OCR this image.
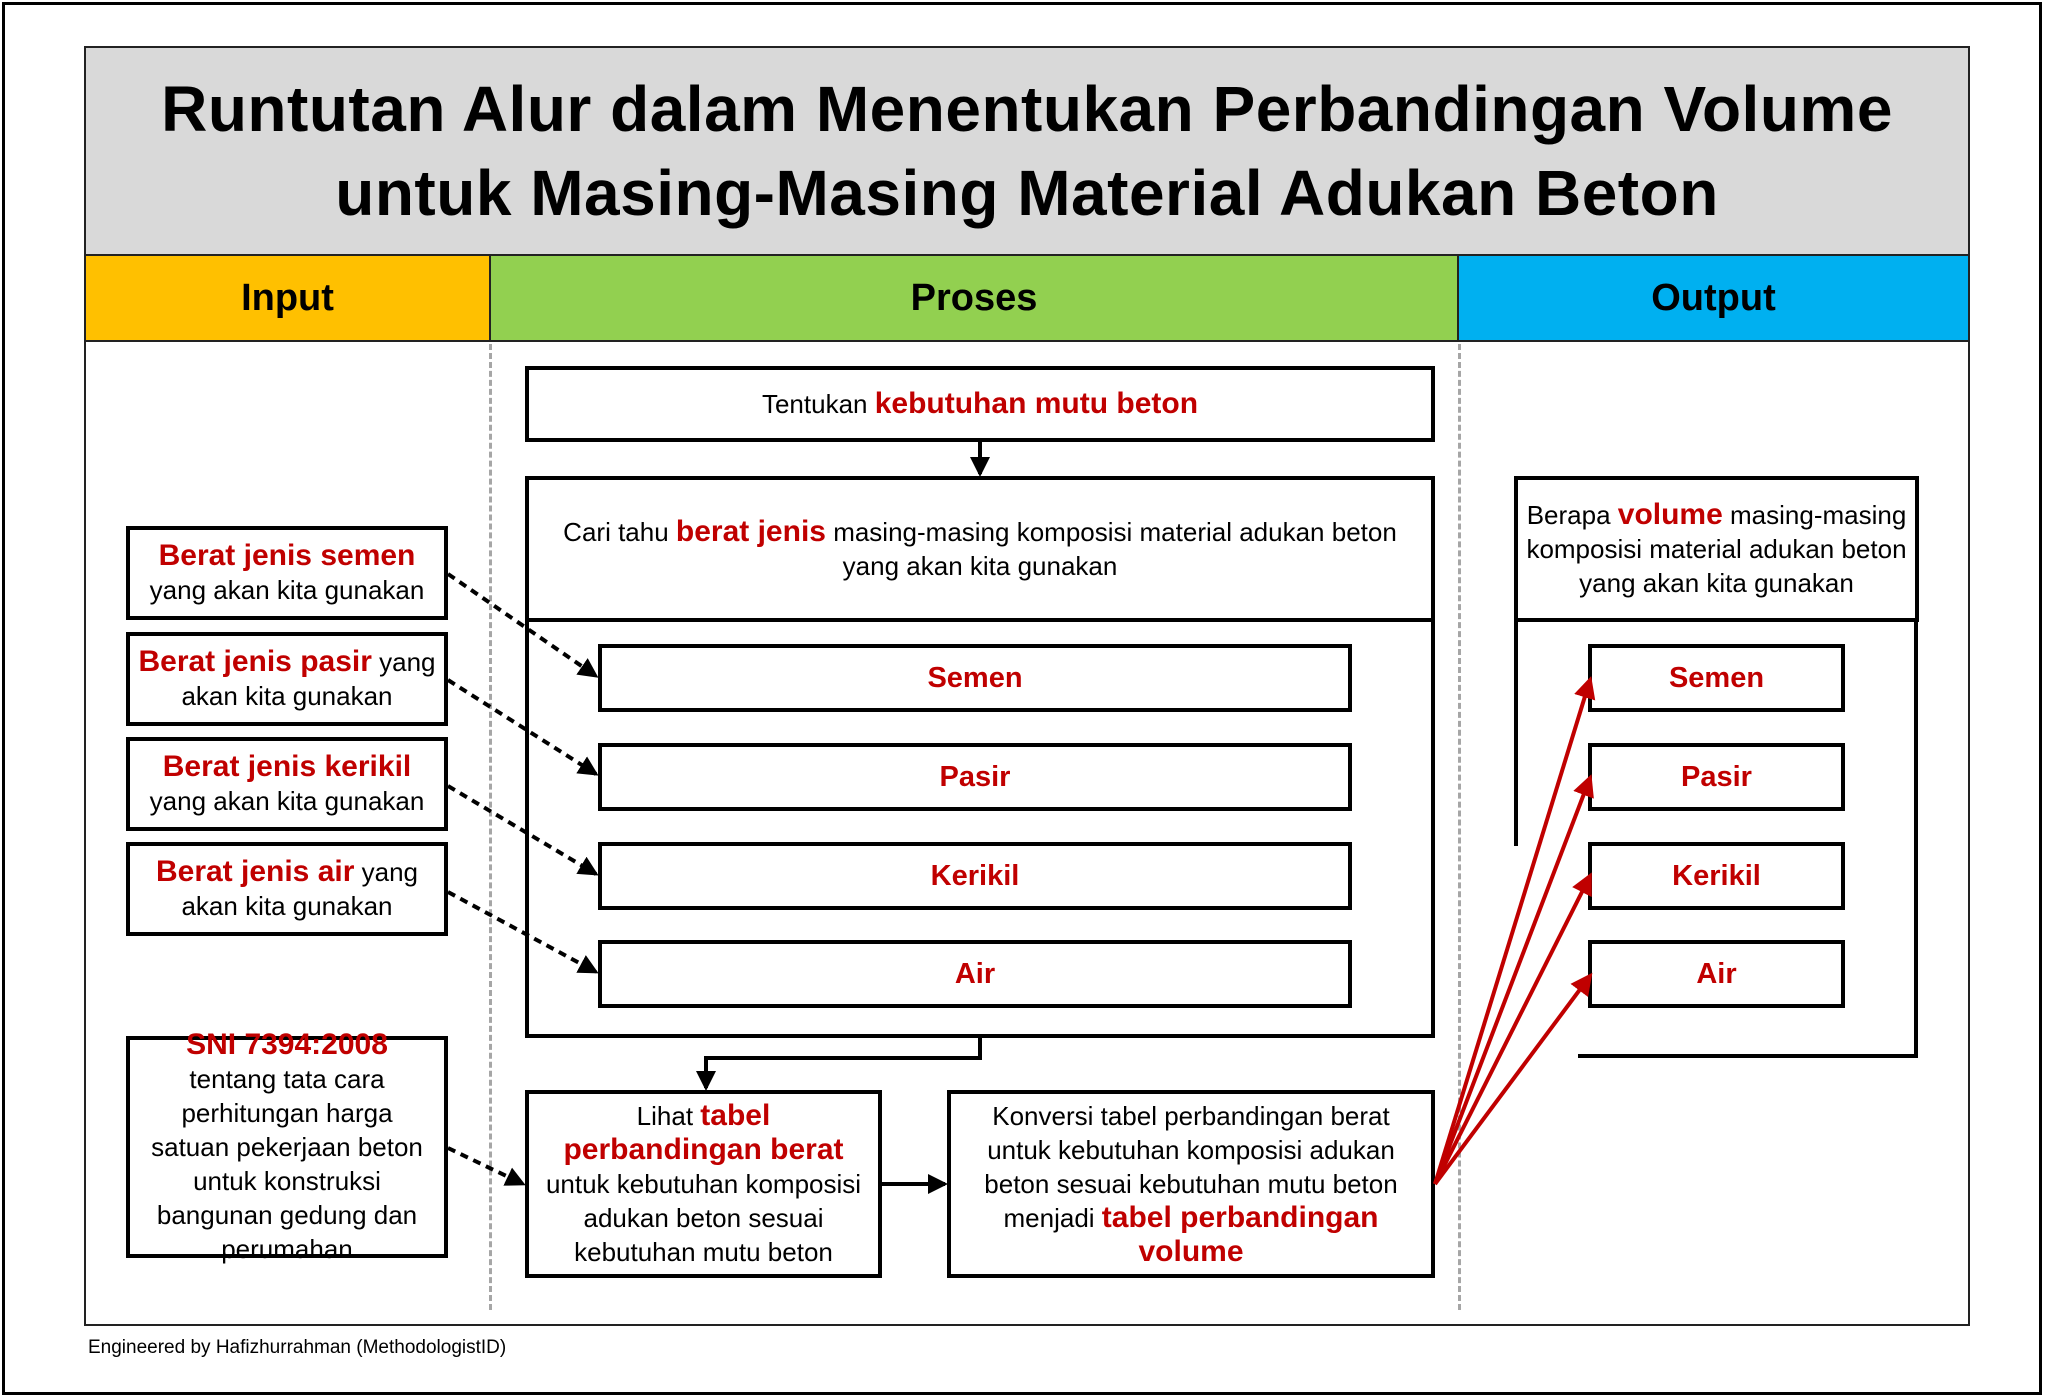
Runtutan Alur dalam Menentukan Perbandingan Volume
untuk Masing-Masing Material Adukan Beton
Input	Proses	Output
Berat jenis semen yang akan kita gunakan
Berat jenis pasir yang akan kita gunakan
Berat jenis kerikil yang akan kita gunakan
Berat jenis air yang akan kita gunakan
SNI 7394:2008 tentang tata cara perhitungan harga satuan pekerjaan beton untuk konstruksi bangunan gedung dan perumahan
Tentukan kebutuhan mutu beton
Cari tahu berat jenis masing-masing komposisi material adukan beton yang akan kita gunakan
Semen
Pasir
Kerikil
Air
Lihat tabel perbandingan berat untuk kebutuhan komposisi adukan beton sesuai kebutuhan mutu beton
Konversi tabel perbandingan berat untuk kebutuhan komposisi adukan beton sesuai kebutuhan mutu beton menjadi tabel perbandingan volume
Berapa volume masing-masing komposisi material adukan beton yang akan kita gunakan
Semen
Pasir
Kerikil
Air
Engineered by Hafizhurrahman (MethodologistID)
